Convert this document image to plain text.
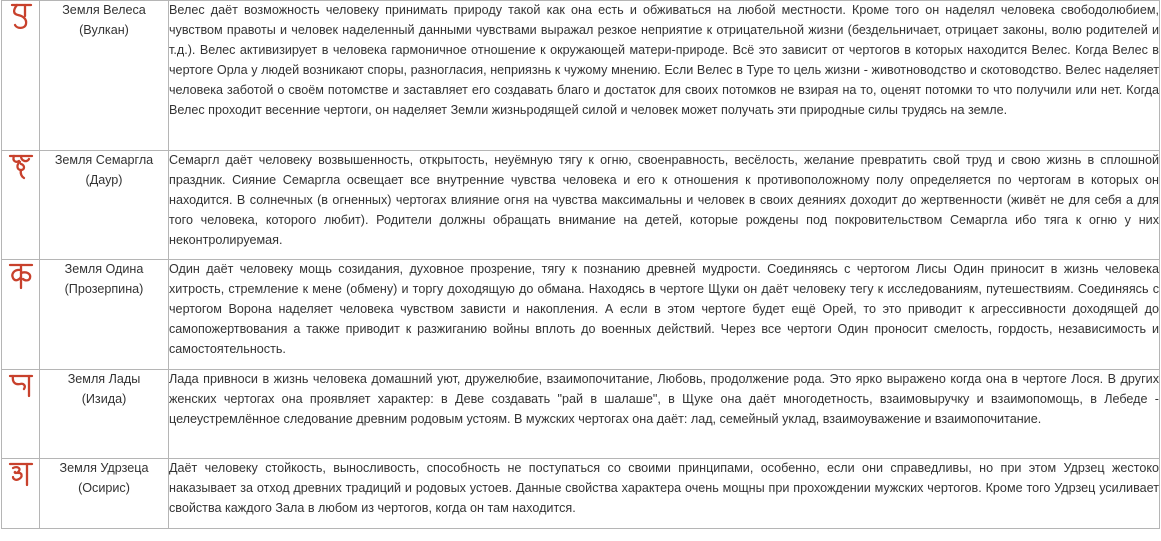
Земля Велеса
(Вулкан)	Велес даёт возможность человеку принимать природу такой как она есть и обживаться на любой местности. Кроме того он наделял человека свободолюбием, чувством правоты и человек наделенный данными чувствами выражал резкое неприятие к отрицательной жизни (бездельничает, отрицает законы, волю родителей и т.д.). Велес активизирует в человека гармоничное отношение к окружающей матери-природе. Всё это зависит от чертогов в которых находится Велес. Когда Велес в чертоге Орла у людей возникают споры, разногласия, неприязнь к чужому мнению. Если Велес в Туре то цель жизни - животноводство и скотоводство. Велес наделяет человека заботой о своём потомстве и заставляет его создавать благо и достаток для своих потомков не взирая на то, оценят потомки то что получили или нет. Когда Велес проходит весенние чертоги, он наделяет Земли жизньродящей силой и человек может получать эти природные силы трудясь на земле.

Земля Семаргла
(Даур)	Семаргл даёт человеку возвышенность, открытость, неуёмную тягу к огню, своенравность, весёлость, желание превратить свой труд и свою жизнь в сплошной праздник. Сияние Семаргла освещает все внутренние чувства человека и его к отношения к противоположному полу определяется по чертогам в которых он находится. В солнечных (в огненных) чертогах влияние огня на чувства максимальны и человек в своих деяниях доходит до жертвенности (живёт не для себя а для того человека, которого любит). Родители должны обращать внимание на детей, которые рождены под покровительством Семаргла ибо тяга к огню у них неконтролируемая.

Земля Одина
(Прозерпина)	Один даёт человеку мощь созидания, духовное прозрение, тягу к познанию древней мудрости. Соединяясь с чертогом Лисы Один приносит в жизнь человека хитрость, стремление к мене (обмену) и торгу доходящую до обмана. Находясь в чертоге Щуки он даёт человеку тегу к исследованиям, путешествиям. Соединяясь с чертогом Ворона наделяет человека чувством зависти и накопления. А если в этом чертоге будет ещё Орей, то это приводит к агрессивности доходящей до самопожертвования а также приводит к разжиганию войны вплоть до военных действий. Через все чертоги Один проносит смелость, гордость, независимость и самостоятельность.

Земля Лады
(Изида)	Лада привноси в жизнь человека домашний уют, дружелюбие, взаимопочитание, Любовь, продолжение рода. Это ярко выражено когда она в чертоге Лося. В других женских чертогах она проявляет характер: в Деве создавать "рай в шалаше", в Щуке она даёт многодетность, взаимовыручку и взаимопомощь, в Лебеде - целеустремлённое следование древним родовым устоям. В мужских чертогах она даёт: лад, семейный уклад, взаимоуважение и взаимопочитание.

Земля Удрзеца
(Осирис)	Даёт человеку стойкость, выносливость, способность не поступаться со своими принципами, особенно, если они справедливы, но при этом Удрзец жестоко наказывает за отход древних традиций и родовых устоев. Данные свойства характера очень мощны при прохождении мужских чертогов. Кроме того Удрзец усиливает свойства каждого Зала в любом из чертогов, когда он там находится.
